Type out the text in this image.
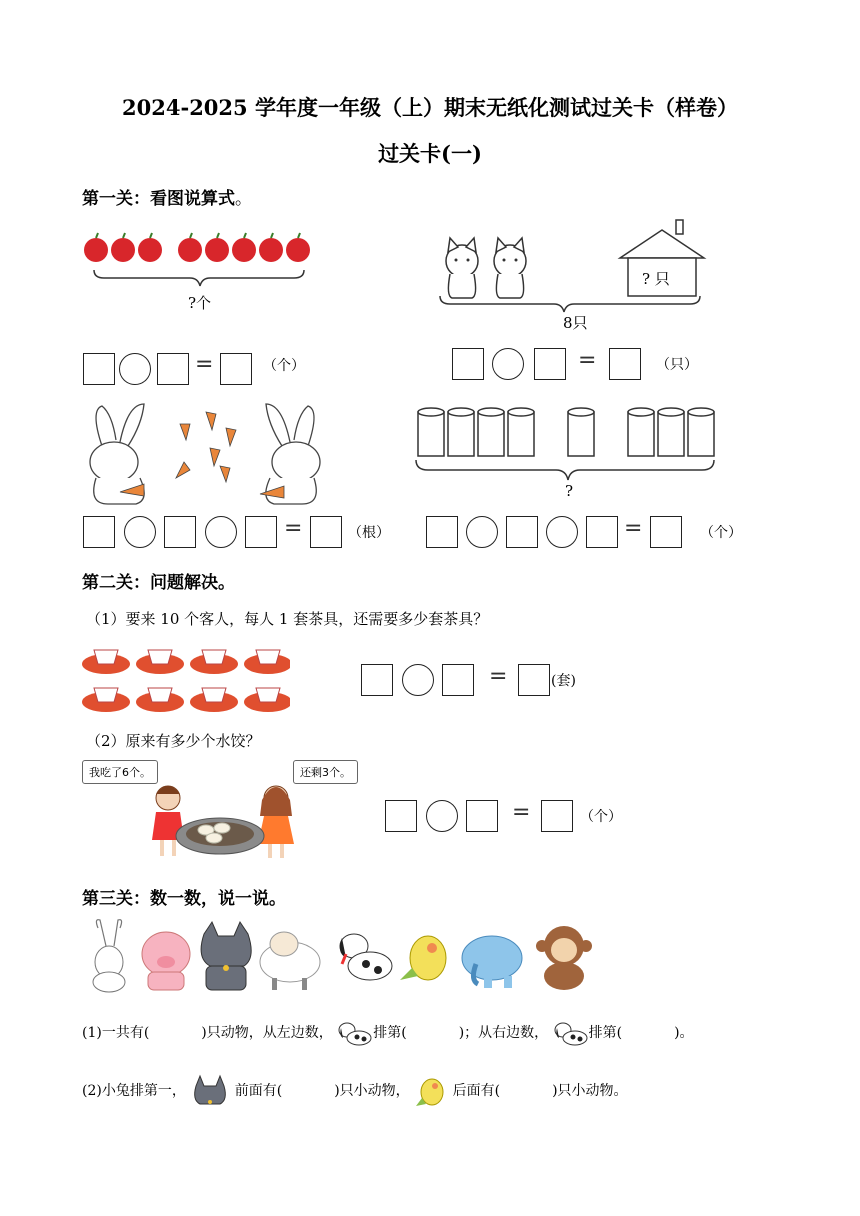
2024-2025 学年度一年级（上）期末无纸化测试过关卡（样卷）
过关卡(一)
第一关：看图说算式。
?个
=	（个）
? 只
8只
=	（只）
=	（根）
?
=	（个）
第二关：问题解决。
（1）要来 10 个客人，每人 1 套茶具，还需要多少套茶具？
=	(套)
（2）原来有多少个水饺？
我吃了6个。	还剩3个。
=	（个）
第三关：数一数，说一说。
(1)一共有(	)只动物，从左边数，	排第(	)；从右边数，	排第(	)。
(2)小兔排第一，	前面有(	)只小动物，	后面有(	)只小动物。
